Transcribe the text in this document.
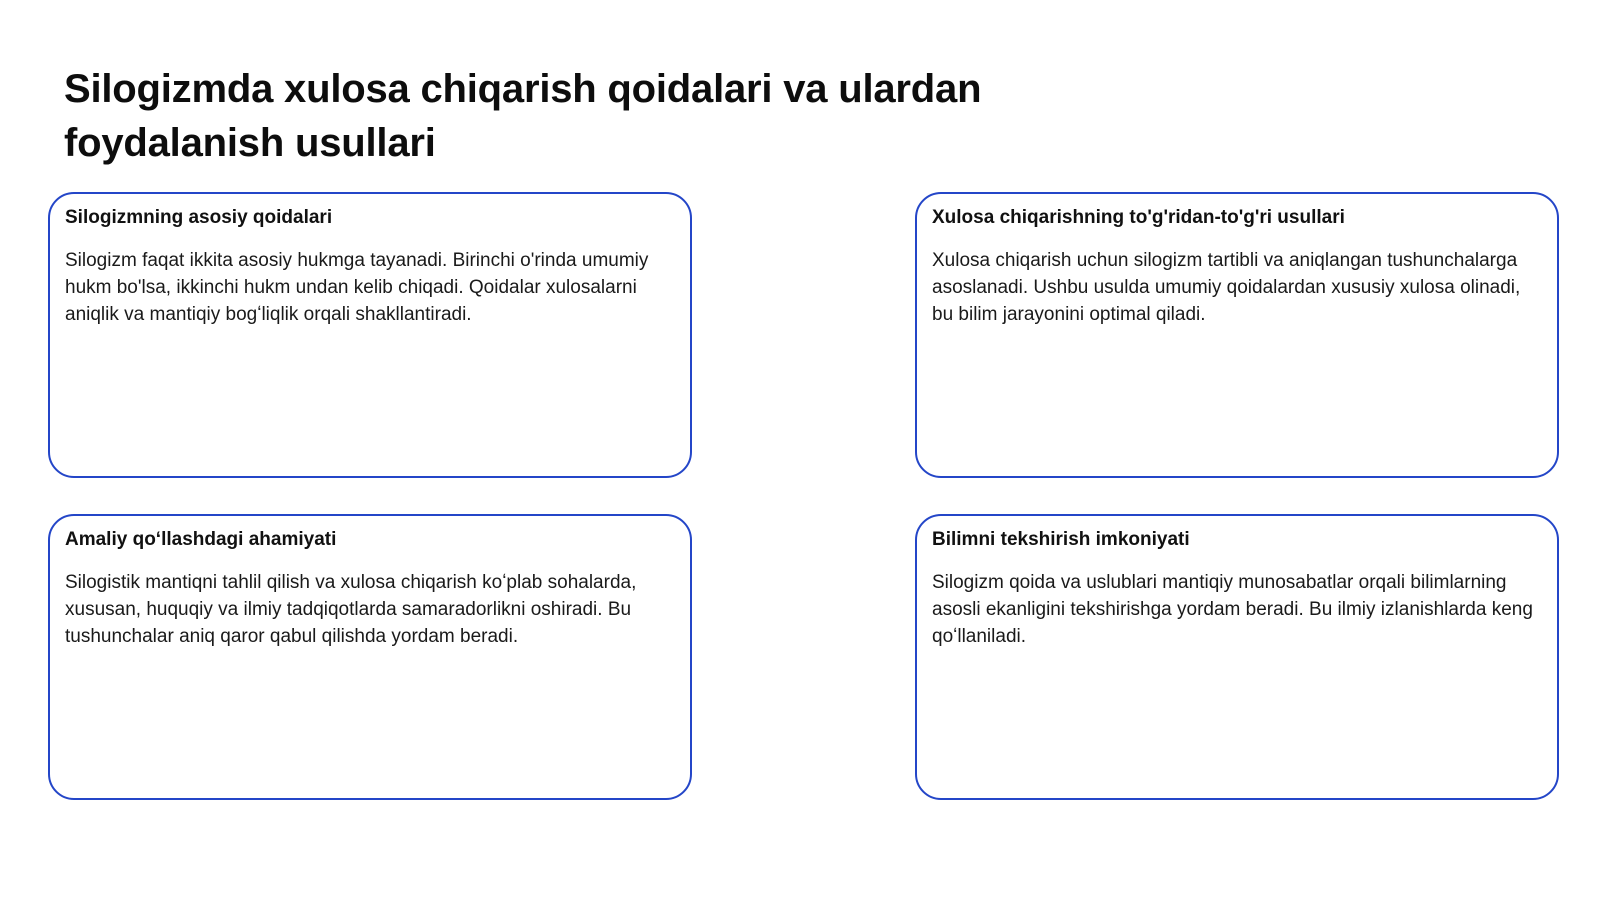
Silogizmda xulosa chiqarish qoidalari va ulardan foydalanish usullari
Silogizmning asosiy qoidalari

Silogizm faqat ikkita asosiy hukmga tayanadi. Birinchi o'rinda umumiy hukm bo'lsa, ikkinchi hukm undan kelib chiqadi. Qoidalar xulosalarni aniqlik va mantiqiy bogʻliqlik orqali shakllantiradi.

Xulosa chiqarishning to'g'ridan-to'g'ri usullari

Xulosa chiqarish uchun silogizm tartibli va aniqlangan tushunchalarga asoslanadi. Ushbu usulda umumiy qoidalardan xususiy xulosa olinadi, bu bilim jarayonini optimal qiladi.

Amaliy qoʻllashdagi ahamiyati

Silogistik mantiqni tahlil qilish va xulosa chiqarish koʻplab sohalarda, xususan, huquqiy va ilmiy tadqiqotlarda samaradorlikni oshiradi. Bu tushunchalar aniq qaror qabul qilishda yordam beradi.

Bilimni tekshirish imkoniyati

Silogizm qoida va uslublari mantiqiy munosabatlar orqali bilimlarning asosli ekanligini tekshirishga yordam beradi. Bu ilmiy izlanishlarda keng qoʻllaniladi.
